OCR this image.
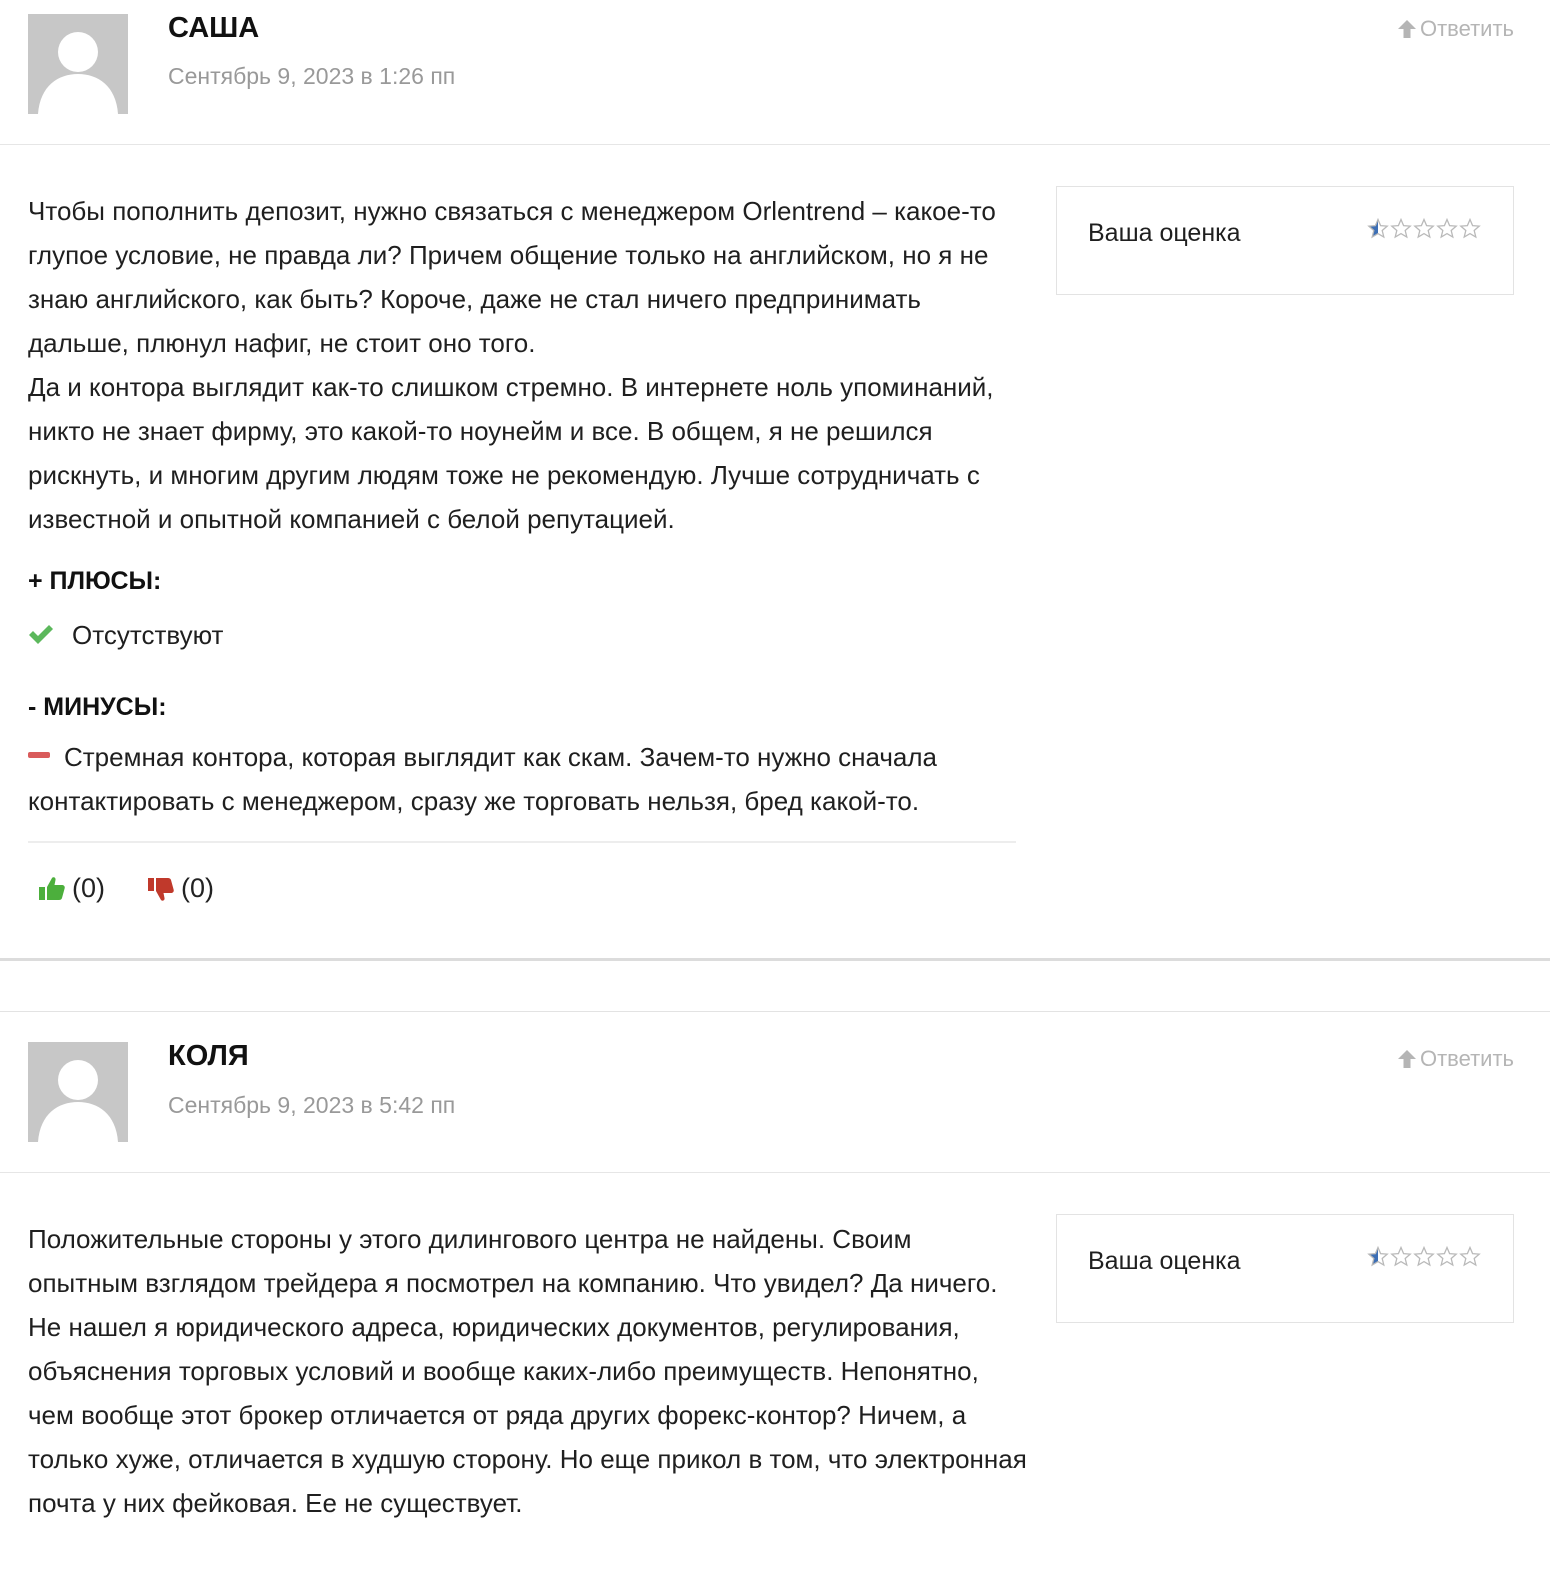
САША
Сентябрь 9, 2023 в 1:26 пп
Ответить

Чтобы пополнить депозит, нужно связаться с менеджером Orlentrend – какое-то глупое условие, не правда ли? Причем общение только на английском, но я не знаю английского, как быть? Короче, даже не стал ничего предпринимать дальше, плюнул нафиг, не стоит оно того.

Да и контора выглядит как-то слишком стремно. В интернете ноль упоминаний, никто не знает фирму, это какой-то ноунейм и все. В общем, я не решился рискнуть, и многим другим людям тоже не рекомендую. Лучше сотрудничать с известной и опытной компанией с белой репутацией.

Ваша оценка
+ ПЛЮСЫ:
Отсутствуют
- МИНУСЫ:
Стремная контора, которая выглядит как скам. Зачем-то нужно сначала контактировать с менеджером, сразу же торговать нельзя, бред какой-то.
(0)	(0)
КОЛЯ
Сентябрь 9, 2023 в 5:42 пп
Ответить

Положительные стороны у этого дилингового центра не найдены. Своим опытным взглядом трейдера я посмотрел на компанию. Что увидел? Да ничего. Не нашел я юридического адреса, юридических документов, регулирования, объяснения торговых условий и вообще каких-либо преимуществ. Непонятно, чем вообще этот брокер отличается от ряда других форекс-контор? Ничем, а только хуже, отличается в худшую сторону. Но еще прикол в том, что электронная почта у них фейковая. Ее не существует.

Ваша оценка
